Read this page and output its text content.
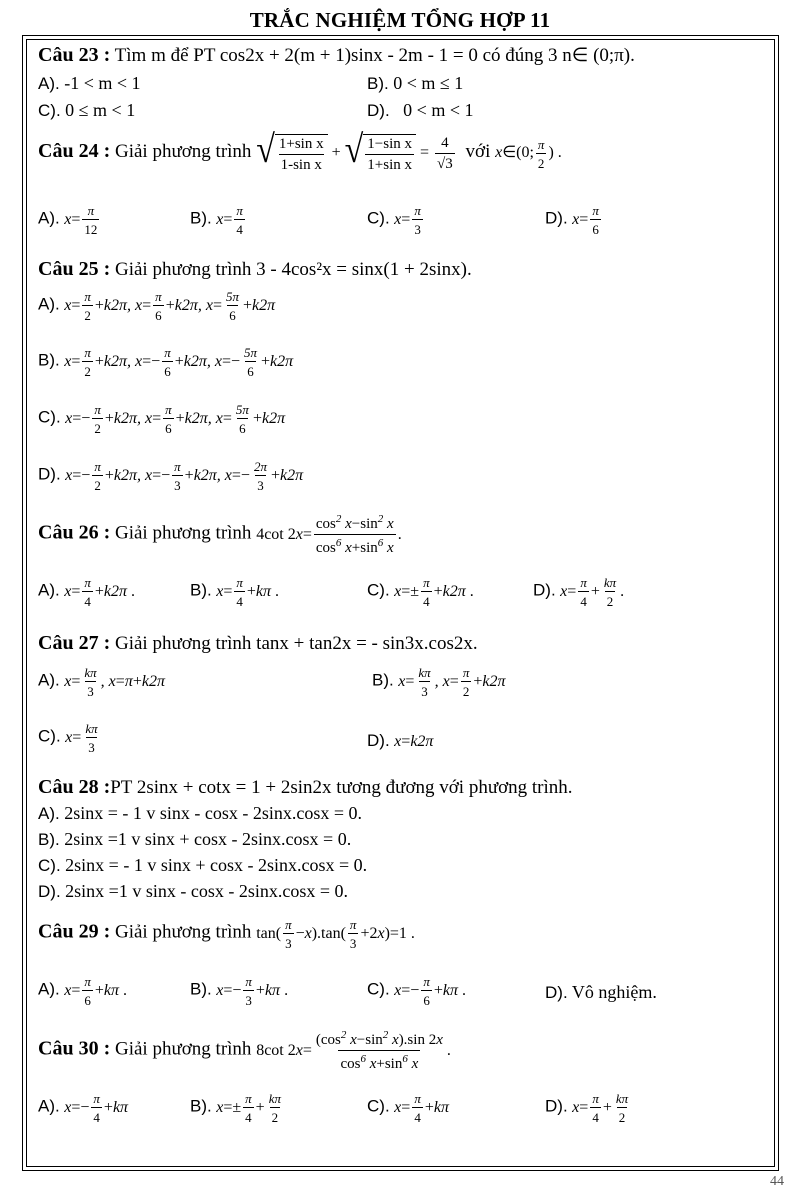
TRẮC NGHIỆM TỔNG HỢP 11
44
Câu 23 : Tìm m để PT cos2x + 2(m + 1)sinx - 2m - 1 = 0 có đúng 3 n∈ (0;π).
A). -1 < m < 1	B). 0 < m ≤ 1
C). 0 ≤ m < 1	D). 0 < m < 1
Câu 24 : Giải phương trình √ $\frac{\text{1+sin x}}{\text{1-sin x}}$ + √ $\frac{\text{1−sin x}}{\text{1+sin x}} = \frac{4}{√3}$ với x∈(0; $\frac{\pi}{2}$ ) .
A). $x= \frac{\pi}{12}$	B). $x= \frac{\pi}{4}$	C). $x= \frac{\pi}{3}$	D). $x= \frac{\pi}{6}$
Câu 25 : Giải phương trình 3 - 4cos²x = sinx(1 + 2sinx).
A). $x= \frac{\pi}{2} +k2\pi$, $x= \frac{\pi}{6} +k2\pi$, $x= \frac{5\pi}{6} +k2\pi$
B). $x= \frac{\pi}{2} +k2\pi$, $x=- \frac{\pi}{6} +k2\pi$, $x=- \frac{5\pi}{6} +k2\pi$
C). $x=- \frac{\pi}{2} +k2\pi$, $x= \frac{\pi}{6} +k2\pi$, $x= \frac{5\pi}{6} +k2\pi$
D). $x=- \frac{\pi}{2} +k2\pi$, $x=- \frac{\pi}{3} +k2\pi$, $x=- \frac{2\pi}{3} +k2\pi$
Câu 26 : Giải phương trình 4cot $2x= \frac{\cos^2 x-\sin^2 x}{\cos^6 x+\sin^6 x}$ .
A). $x= \frac{\pi}{4} +k2\pi$ .	B). $x= \frac{\pi}{4} +k\pi$ .	C). $x=\pm \frac{\pi}{4} +k2\pi$ .	D). $x= \frac{\pi}{4} + \frac{k\pi}{2}$ .
Câu 27 : Giải phương trình tanx + tan2x = - sin3x.cos2x.
A). $x= \frac{k\pi}{3}$ , x=π+k2π	B). $x= \frac{k\pi}{3}$ , $x= \frac{\pi}{2} +k2\pi$
C). $x= \frac{k\pi}{3}$	D). x=k2π
Câu 28 :PT 2sinx + cotx = 1 + 2sin2x tương đương với phương trình.
A). 2sinx = - 1 v sinx - cosx - 2sinx.cosx = 0.
B). 2sinx =1 v sinx + cosx - 2sinx.cosx = 0.
C). 2sinx = - 1 v sinx + cosx - 2sinx.cosx = 0.
D). 2sinx =1 v sinx - cosx - 2sinx.cosx = 0.
Câu 29 : Giải phương trình $\tan( \frac{\pi}{3} -x).\tan( \frac{\pi}{3} +2x)=1$ .
A). $x= \frac{\pi}{6} +k\pi$ .	B). $x=- \frac{\pi}{3} +k\pi$ .	C). $x=- \frac{\pi}{6} +k\pi$ .	D). Vô nghiệm.
Câu 30 : Giải phương trình 8cot $2x= \frac{(\cos^2 x-\sin^2 x).\sin 2x}{\cos^6 x+\sin^6 x}$ .
A). $x=- \frac{\pi}{4} +k\pi$	B). $x=\pm \frac{\pi}{4} + \frac{k\pi}{2}$	C). $x= \frac{\pi}{4} +k\pi$	D). $x= \frac{\pi}{4} + \frac{k\pi}{2}$
